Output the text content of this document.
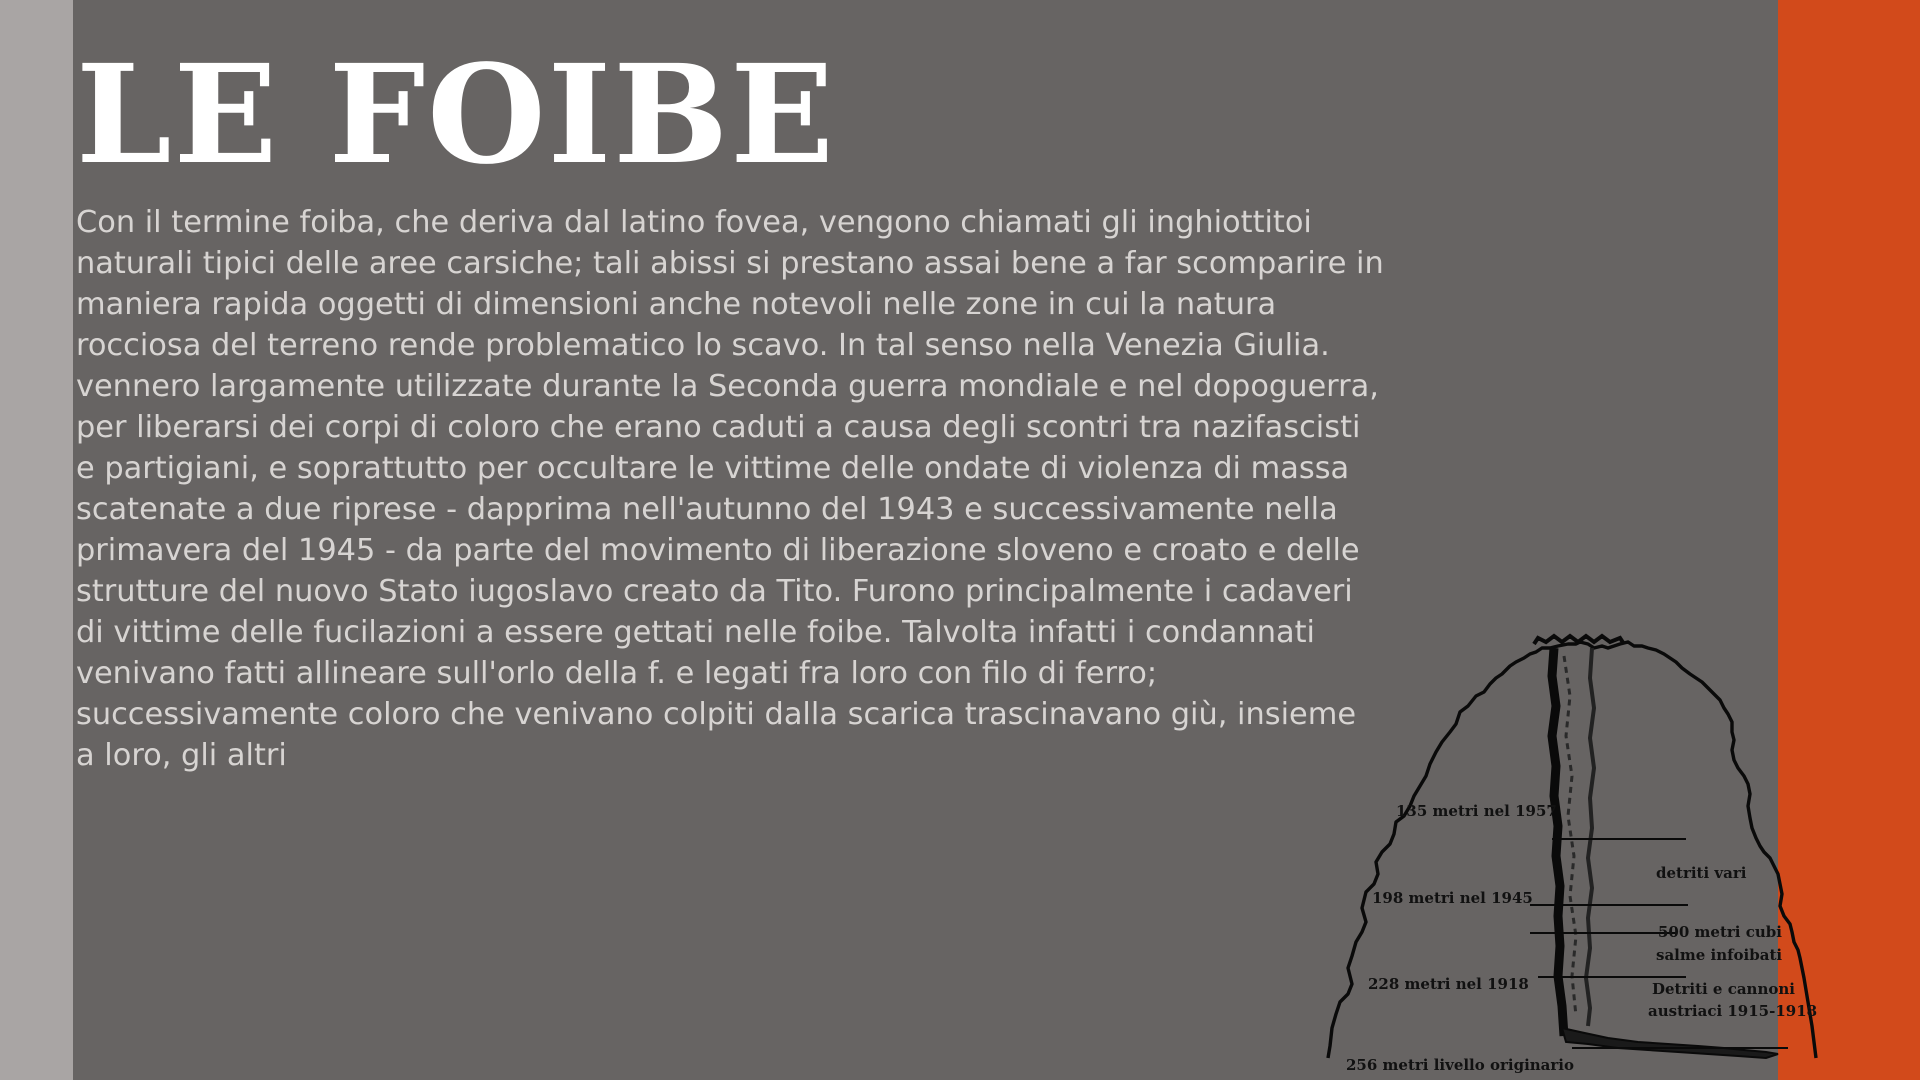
LE FOIBE
Con il termine foiba, che deriva dal latino fovea, vengono chiamati gli inghiottitoi
naturali tipici delle aree carsiche; tali abissi si prestano assai bene a far scomparire in
maniera rapida oggetti di dimensioni anche notevoli nelle zone in cui la natura
rocciosa del terreno rende problematico lo scavo. In tal senso nella Venezia Giulia.
vennero largamente utilizzate durante la Seconda guerra mondiale e nel dopoguerra,
per liberarsi dei corpi di coloro che erano caduti a causa degli scontri tra nazifascisti
e partigiani, e soprattutto per occultare le vittime delle ondate di violenza di massa
scatenate a due riprese - dapprima nell'autunno del 1943 e successivamente nella
primavera del 1945 - da parte del movimento di liberazione sloveno e croato e delle
strutture del nuovo Stato iugoslavo creato da Tito. Furono principalmente i cadaveri
di vittime delle fucilazioni a essere gettati nelle foibe. Talvolta infatti i condannati
venivano fatti allineare sull'orlo della f. e legati fra loro con filo di ferro;
successivamente coloro che venivano colpiti dalla scarica trascinavano giù, insieme
a loro, gli altri
135 metri nel 1957
198 metri nel 1945
228 metri nel 1918
256 metri livello originario
detriti vari
500 metri cubi
salme infoibati
Detriti e cannoni
austriaci 1915-1918
